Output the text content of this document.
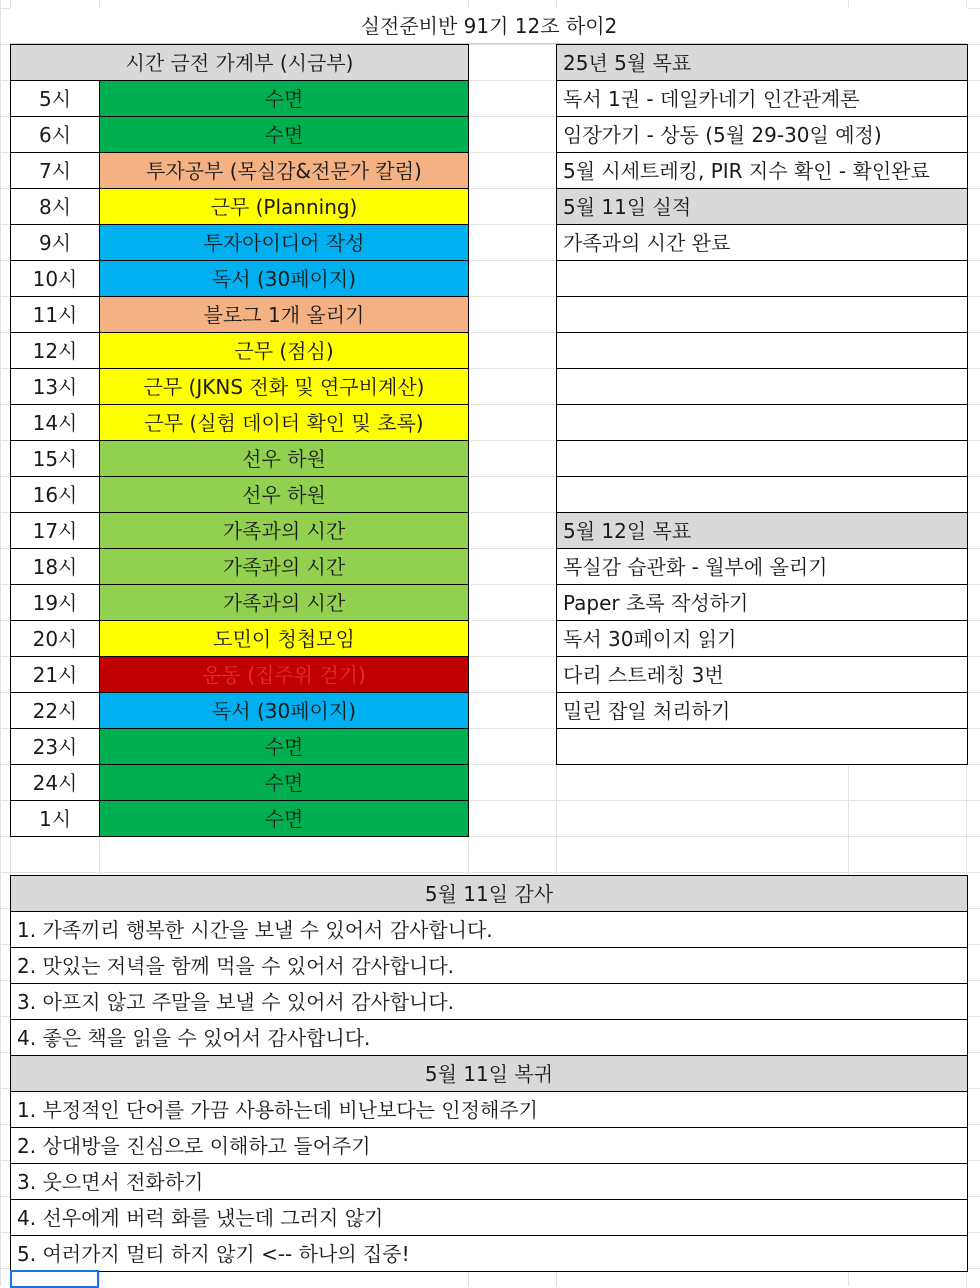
실전준비반 91기 12조 하이2
시간 금전 가계부 (시금부)
5시	수면
6시	수면
7시	투자공부 (목실감&전문가 칼럼)
8시	근무 (Planning)
9시	투자아이디어 작성
10시	독서 (30페이지)
11시	블로그 1개 올리기
12시	근무 (점심)
13시	근무 (JKNS 전화 및 연구비계산)
14시	근무 (실험 데이터 확인 및 초록)
15시	선우 하원
16시	선우 하원
17시	가족과의 시간
18시	가족과의 시간
19시	가족과의 시간
20시	도민이 청첩모임
21시	운동 (집주위 걷기)
22시	독서 (30페이지)
23시	수면
24시	수면
1시	수면
25년 5월 목표
독서 1권 - 데일카네기 인간관계론
임장가기 - 상동 (5월 29-30일 예정)
5월 시세트레킹, PIR 지수 확인 - 확인완료
5월 11일 실적
가족과의 시간 완료
5월 12일 목표
목실감 습관화 - 월부에 올리기
Paper 초록 작성하기
독서 30페이지 읽기
다리 스트레칭 3번
밀린 잡일 처리하기
5월 11일 감사
1. 가족끼리 행복한 시간을 보낼 수 있어서 감사합니다.
2. 맛있는 저녁을 함께 먹을 수 있어서 감사합니다.
3. 아프지 않고 주말을 보낼 수 있어서 감사합니다.
4. 좋은 책을 읽을 수 있어서 감사합니다.
5월 11일 복귀
1. 부정적인 단어를 가끔 사용하는데 비난보다는 인정해주기
2. 상대방을 진심으로 이해하고 들어주기
3. 웃으면서 전화하기
4. 선우에게 버럭 화를 냈는데 그러지 않기
5. 여러가지 멀티 하지 않기 <-- 하나의 집중!
